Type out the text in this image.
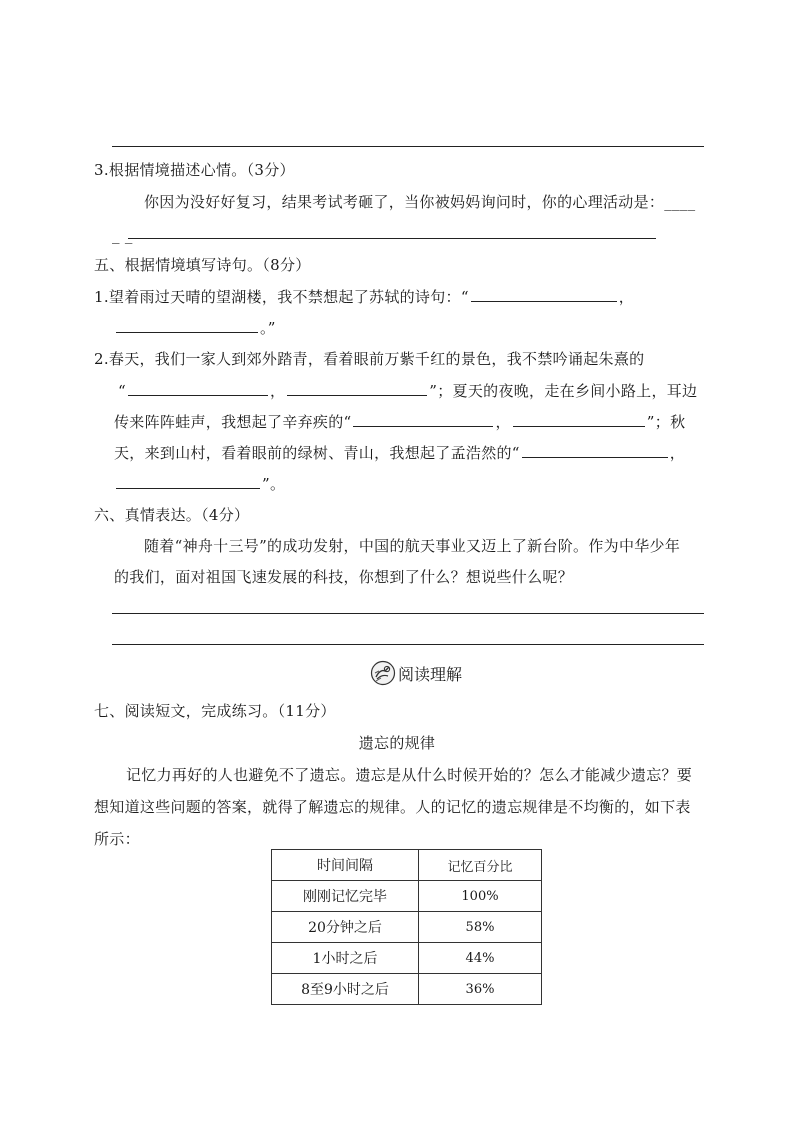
3.根据情境描述心情。（3分）
你因为没好好复习，结果考试考砸了，当你被妈妈询问时，你的心理活动是：____
_ _
五、根据情境填写诗句。（8分）
1.望着雨过天晴的望湖楼，我不禁想起了苏轼的诗句：“	，
。”
2.春天，我们一家人到郊外踏青，看着眼前万紫千红的景色，我不禁吟诵起朱熹的
“	，	”；夏天的夜晚，走在乡间小路上，耳边
传来阵阵蛙声，我想起了辛弃疾的“	，	”；秋
天，来到山村，看着眼前的绿树、青山，我想起了孟浩然的“	，
”。
六、真情表达。（4分）
随着“神舟十三号”的成功发射，中国的航天事业又迈上了新台阶。作为中华少年
的我们，面对祖国飞速发展的科技，你想到了什么？想说些什么呢？
阅读理解
七、阅读短文，完成练习。（11分）
遗忘的规律
记忆力再好的人也避免不了遗忘。遗忘是从什么时候开始的？怎么才能减少遗忘？要
想知道这些问题的答案，就得了解遗忘的规律。人的记忆的遗忘规律是不均衡的，如下表
所示：
时间间隔	记忆百分比
刚刚记忆完毕	100%
20分钟之后	58%
1小时之后	44%
8至9小时之后	36%
